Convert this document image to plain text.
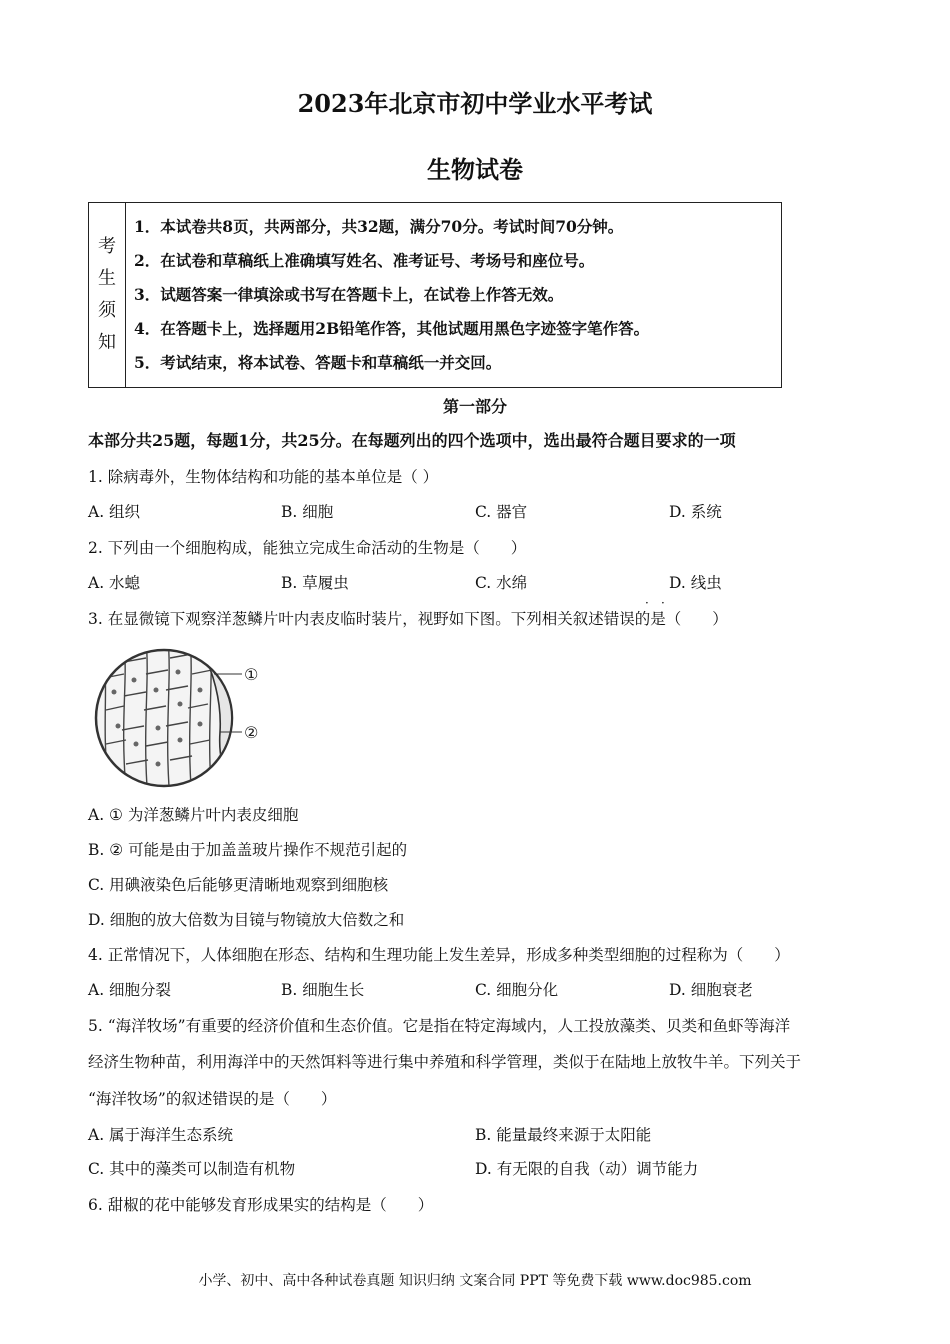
2023年北京市初中学业水平考试
生物试卷
考
生
须
知

1．本试卷共8页，共两部分，共32题，满分70分。考试时间70分钟。
2．在试卷和草稿纸上准确填写姓名、准考证号、考场号和座位号。
3．试题答案一律填涂或书写在答题卡上，在试卷上作答无效。
4．在答题卡上，选择题用2B铅笔作答，其他试题用黑色字迹签字笔作答。
5．考试结束，将本试卷、答题卡和草稿纸一并交回。
第一部分
本部分共25题，每题1分，共25分。在每题列出的四个选项中，选出最符合题目要求的一项
1. 除病毒外，生物体结构和功能的基本单位是（ ）
A. 组织	B. 细胞	C. 器官	D. 系统
2. 下列由一个细胞构成，能独立完成生命活动的生物是（　　）
A. 水螅	B. 草履虫	C. 水绵	D. 线虫
· ·
3. 在显微镜下观察洋葱鳞片叶内表皮临时装片，视野如下图。下列相关叙述错误的是（　　）
①
②
A. ① 为洋葱鳞片叶内表皮细胞
B. ② 可能是由于加盖盖玻片操作不规范引起的
C. 用碘液染色后能够更清晰地观察到细胞核
D. 细胞的放大倍数为目镜与物镜放大倍数之和
4. 正常情况下，人体细胞在形态、结构和生理功能上发生差异，形成多种类型细胞的过程称为（　　）
A. 细胞分裂	B. 细胞生长	C. 细胞分化	D. 细胞衰老
5. “海洋牧场”有重要的经济价值和生态价值。它是指在特定海域内，人工投放藻类、贝类和鱼虾等海洋
经济生物种苗，利用海洋中的天然饵料等进行集中养殖和科学管理，类似于在陆地上放牧牛羊。下列关于
“海洋牧场”的叙述错误的是（　　）
A. 属于海洋生态系统	B. 能量最终来源于太阳能
C. 其中的藻类可以制造有机物	D. 有无限的自我（动）调节能力
6. 甜椒的花中能够发育形成果实的结构是（　　）
小学、初中、高中各种试卷真题 知识归纳 文案合同 PPT 等免费下载 www.doc985.com
